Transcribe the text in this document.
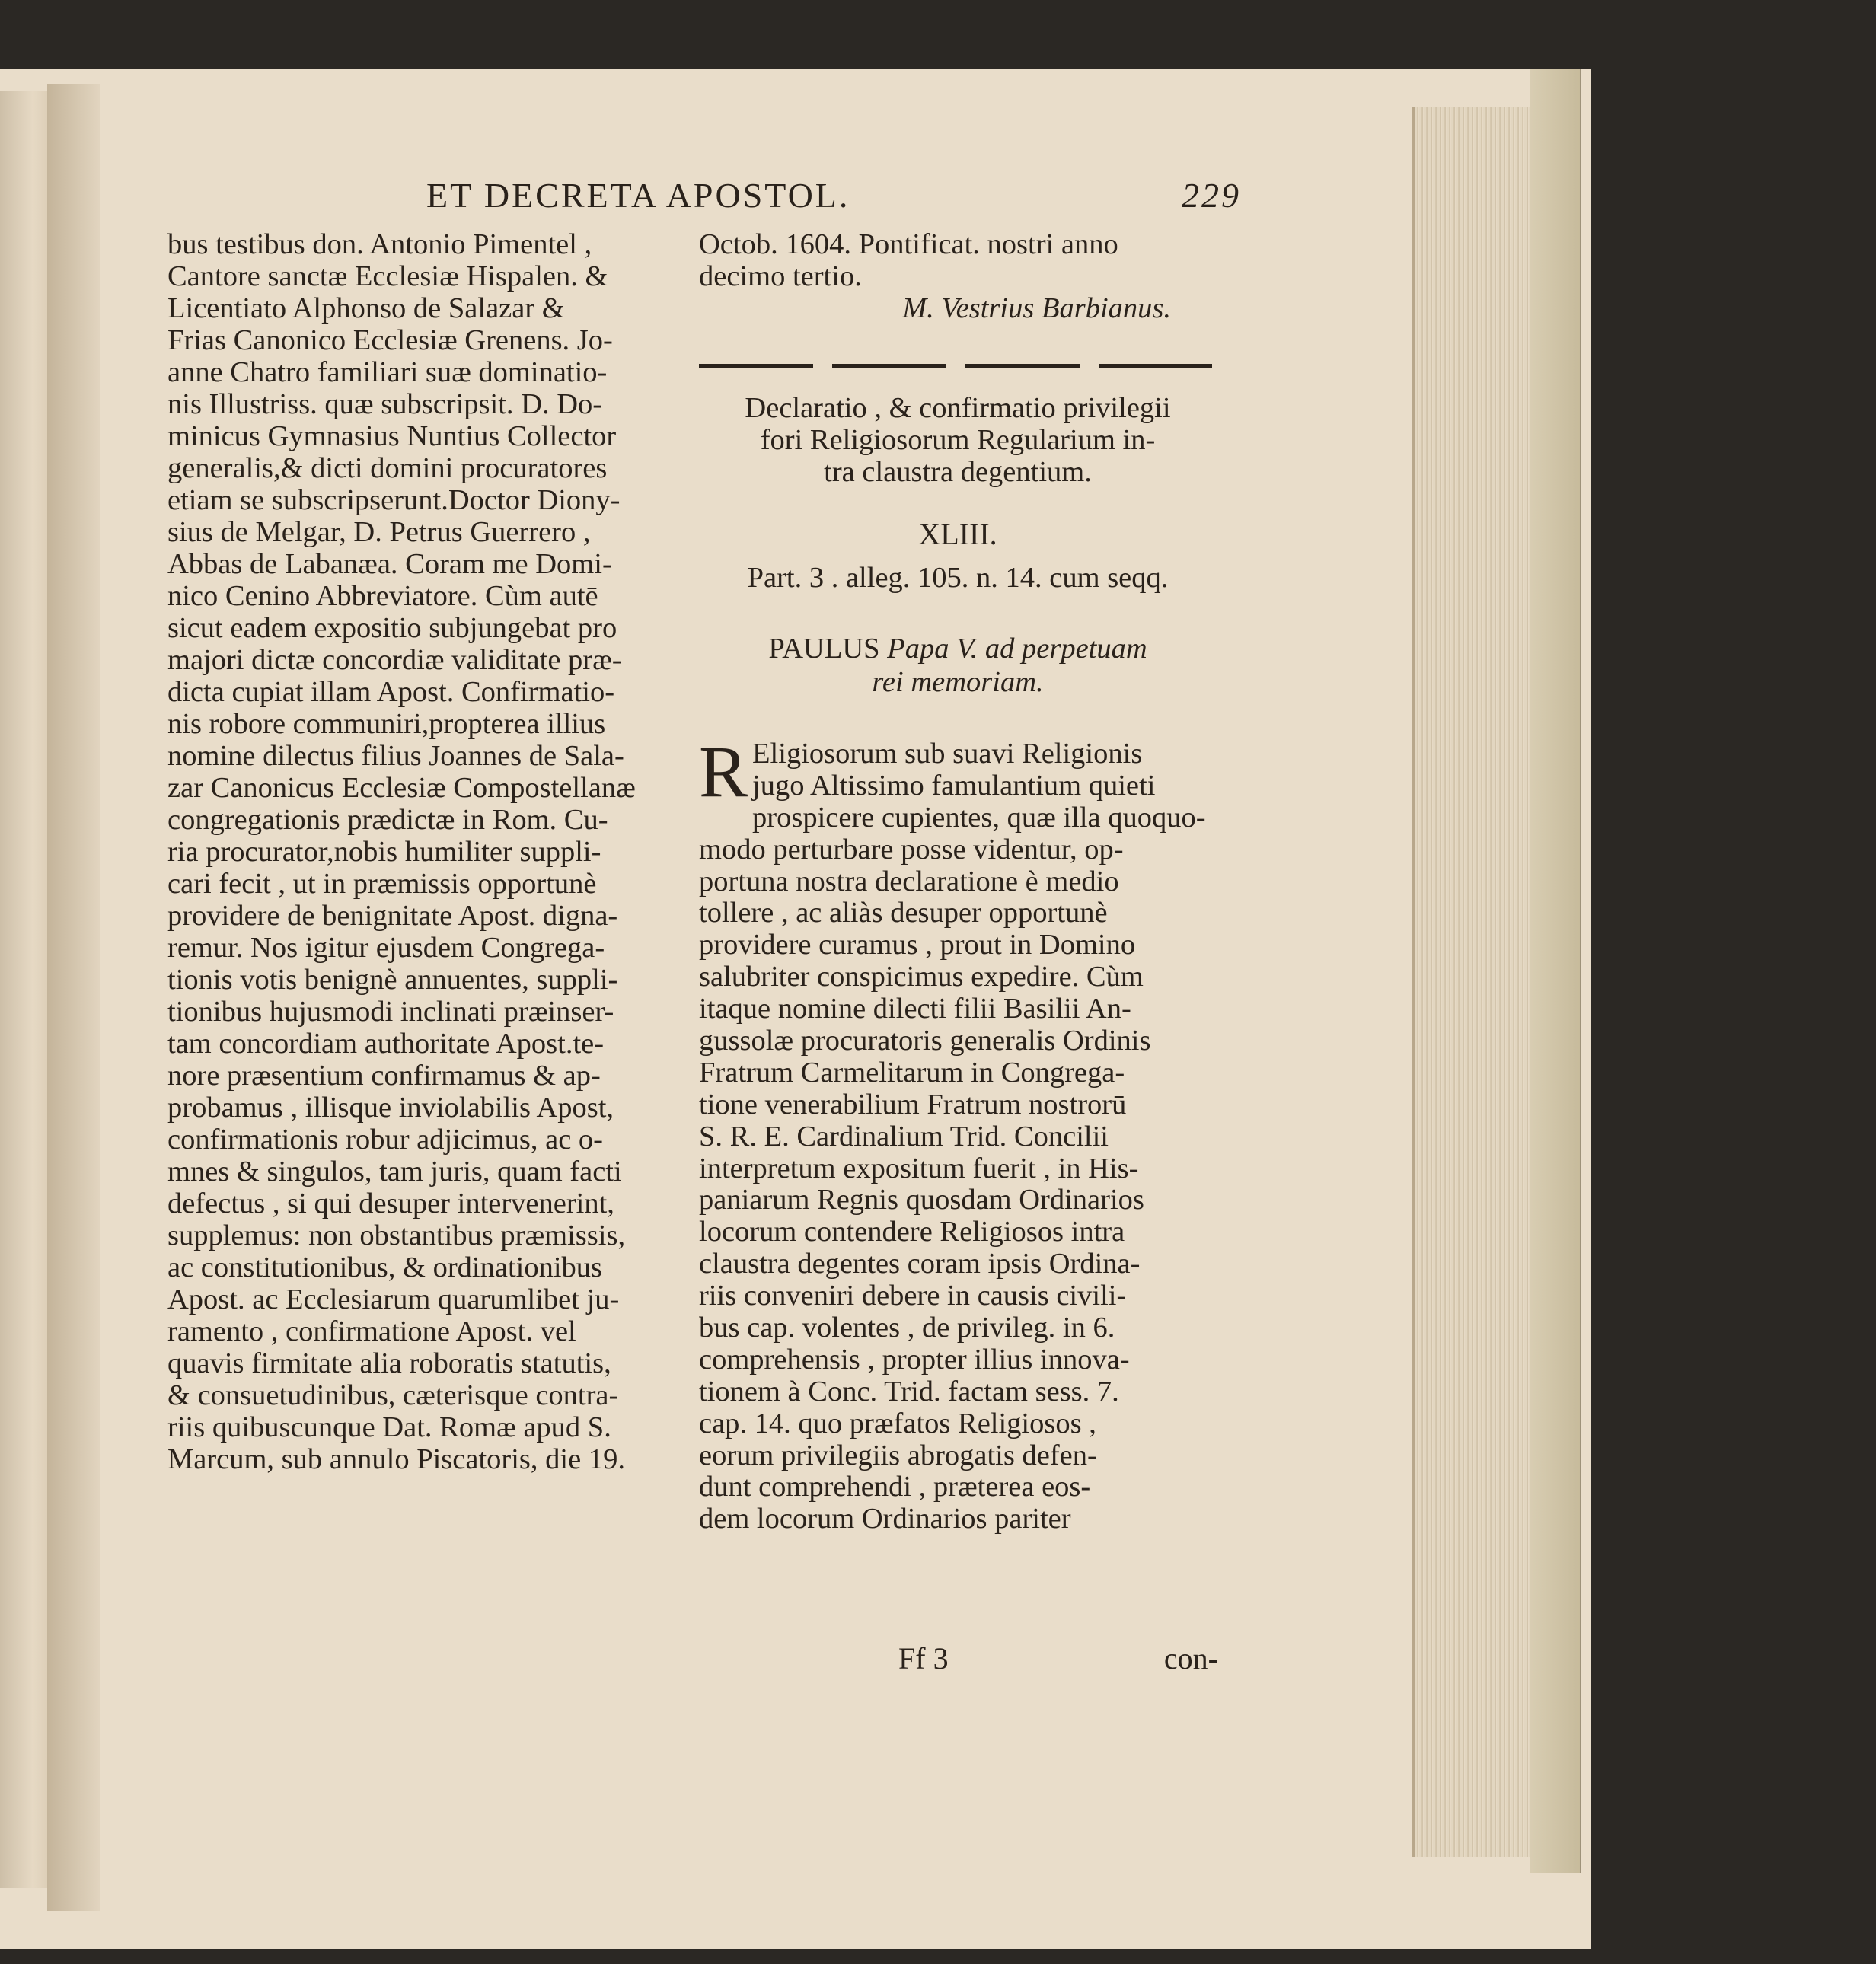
ET DECRETA APOSTOL.	229
bus testibus don. Antonio Pimentel ,
Cantore sanctæ Ecclesiæ Hispalen. &
Licentiato Alphonso de Salazar &
Frias Canonico Ecclesiæ Grenens. Jo-
anne Chatro familiari suæ dominatio-
nis Illustriss. quæ subscripsit. D. Do-
minicus Gymnasius Nuntius Collector
generalis,& dicti domini procuratores
etiam se subscripserunt.Doctor Diony-
sius de Melgar, D. Petrus Guerrero ,
Abbas de Labanæa. Coram me Domi-
nico Cenino Abbreviatore. Cùm autē
sicut eadem expositio subjungebat pro
majori dictæ concordiæ validitate præ-
dicta cupiat illam Apost. Confirmatio-
nis robore communiri,propterea illius
nomine dilectus filius Joannes de Sala-
zar Canonicus Ecclesiæ Compostellanæ
congregationis prædictæ in Rom. Cu-
ria procurator,nobis humiliter suppli-
cari fecit , ut in præmissis opportunè
providere de benignitate Apost. digna-
remur. Nos igitur ejusdem Congrega-
tionis votis benignè annuentes, suppli-
tionibus hujusmodi inclinati præinser-
tam concordiam authoritate Apost.te-
nore præsentium confirmamus & ap-
probamus , illisque inviolabilis Apost,
confirmationis robur adjicimus, ac o-
mnes & singulos, tam juris, quam facti
defectus , si qui desuper intervenerint,
supplemus: non obstantibus præmissis,
ac constitutionibus, & ordinationibus
Apost. ac Ecclesiarum quarumlibet ju-
ramento , confirmatione Apost. vel
quavis firmitate alia roboratis statutis,
& consuetudinibus, cæterisque contra-
riis quibuscunque Dat. Romæ apud S.
Marcum, sub annulo Piscatoris, die 19.
Octob. 1604. Pontificat. nostri anno
decimo tertio.
M. Vestrius Barbianus.
Declaratio , & confirmatio privilegii
fori Religiosorum Regularium in-
tra claustra degentium.
XLIII.
Part. 3 . alleg. 105. n. 14. cum seqq.
PAULUS Papa V. ad perpetuam
rei memoriam.
R Eligiosorum sub suavi Religionis
jugo Altissimo famulantium quieti
prospicere cupientes, quæ illa quoquo-
modo perturbare posse videntur, op-
portuna nostra declaratione è medio
tollere , ac aliàs desuper opportunè
providere curamus , prout in Domino
salubriter conspicimus expedire. Cùm
itaque nomine dilecti filii Basilii An-
gussolæ procuratoris generalis Ordinis
Fratrum Carmelitarum in Congrega-
tione venerabilium Fratrum nostrorū
S. R. E. Cardinalium Trid. Concilii
interpretum expositum fuerit , in His-
paniarum Regnis quosdam Ordinarios
locorum contendere Religiosos intra
claustra degentes coram ipsis Ordina-
riis conveniri debere in causis civili-
bus cap. volentes , de privileg. in 6.
comprehensis , propter illius innova-
tionem à Conc. Trid. factam sess. 7.
cap. 14. quo præfatos Religiosos ,
eorum privilegiis abrogatis defen-
dunt comprehendi , præterea eos-
dem locorum Ordinarios pariter
Ff 3	con-
